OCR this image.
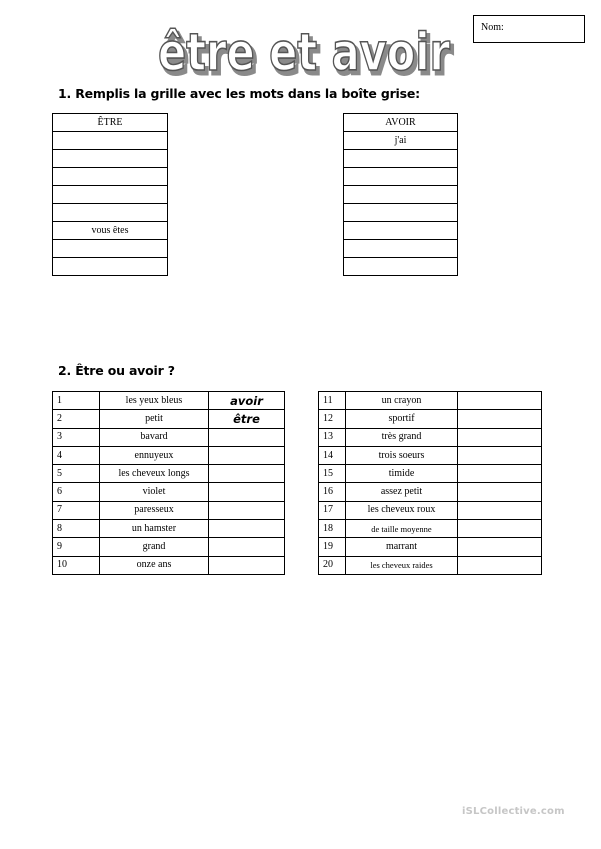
être et avoir
être et avoir	Nom:
1. Remplis la grille avec les mots dans la boîte grise:
ÊTRE

vous êtes

AVOIR
j'ai

2. Être ou avoir ?
1	les yeux bleus	avoir
2	petit	être
3	bavard	
4	ennuyeux	
5	les cheveux longs	
6	violet	
7	paresseux	
8	un hamster	
9	grand	
10	onze ans	
11	un crayon	
12	sportif	
13	très grand	
14	trois soeurs	
15	timide	
16	assez petit	
17	les cheveux roux	
18	de taille moyenne	
19	marrant	
20	les cheveux raides	
iSLCollective.com
